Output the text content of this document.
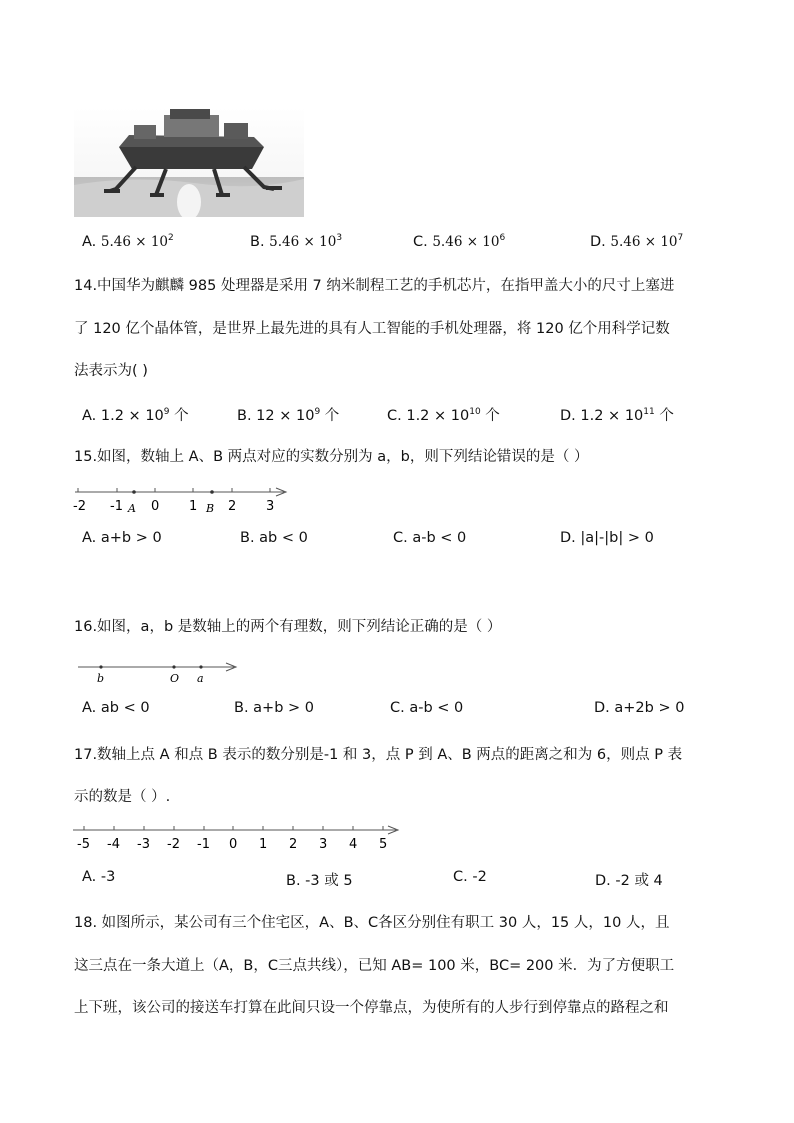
A. $5.46 \times 10^2$	B. $5.46 \times 10^3$	C. $5.46 \times 10^6$	D. $5.46 \times 10^7$
14.中国华为麒麟 985 处理器是采用 7 纳米制程工艺的手机芯片，在指甲盖大小的尺寸上塞进
了 120 亿个晶体管，是世界上最先进的具有人工智能的手机处理器，将 120 亿个用科学记数
法表示为( )
A. $1.2 \times 10^9$ 个	B. $12 \times 10^9$ 个	C. $1.2 \times 10^{10}$ 个	D. $1.2 \times 10^{11}$ 个
15.如图，数轴上 A、B 两点对应的实数分别为 a，b，则下列结论错误的是（ ）
-2 -1 0 1 2 3
A	B
A. a+b > 0	B. ab < 0	C. a-b < 0	D. |a|-|b| > 0
16.如图，a，b 是数轴上的两个有理数，则下列结论正确的是（ ）
b	O a
A. ab < 0	B. a+b > 0	C. a-b < 0	D. a+2b > 0
17.数轴上点 A 和点 B 表示的数分别是-1 和 3，点 P 到 A、B 两点的距离之和为 6，则点 P 表
示的数是（ ）.
-5 -4 -3 -2 -1 0 1 2 3 4 5
A. -3	B. -3 或 5	C. -2	D. -2 或 4
18. 如图所示，某公司有三个住宅区，A、B、C各区分别住有职工 30 人，15 人，10 人，且
这三点在一条大道上（A，B，C三点共线），已知 AB= 100 米，BC= 200 米．为了方便职工
上下班，该公司的接送车打算在此间只设一个停靠点，为使所有的人步行到停靠点的路程之和
